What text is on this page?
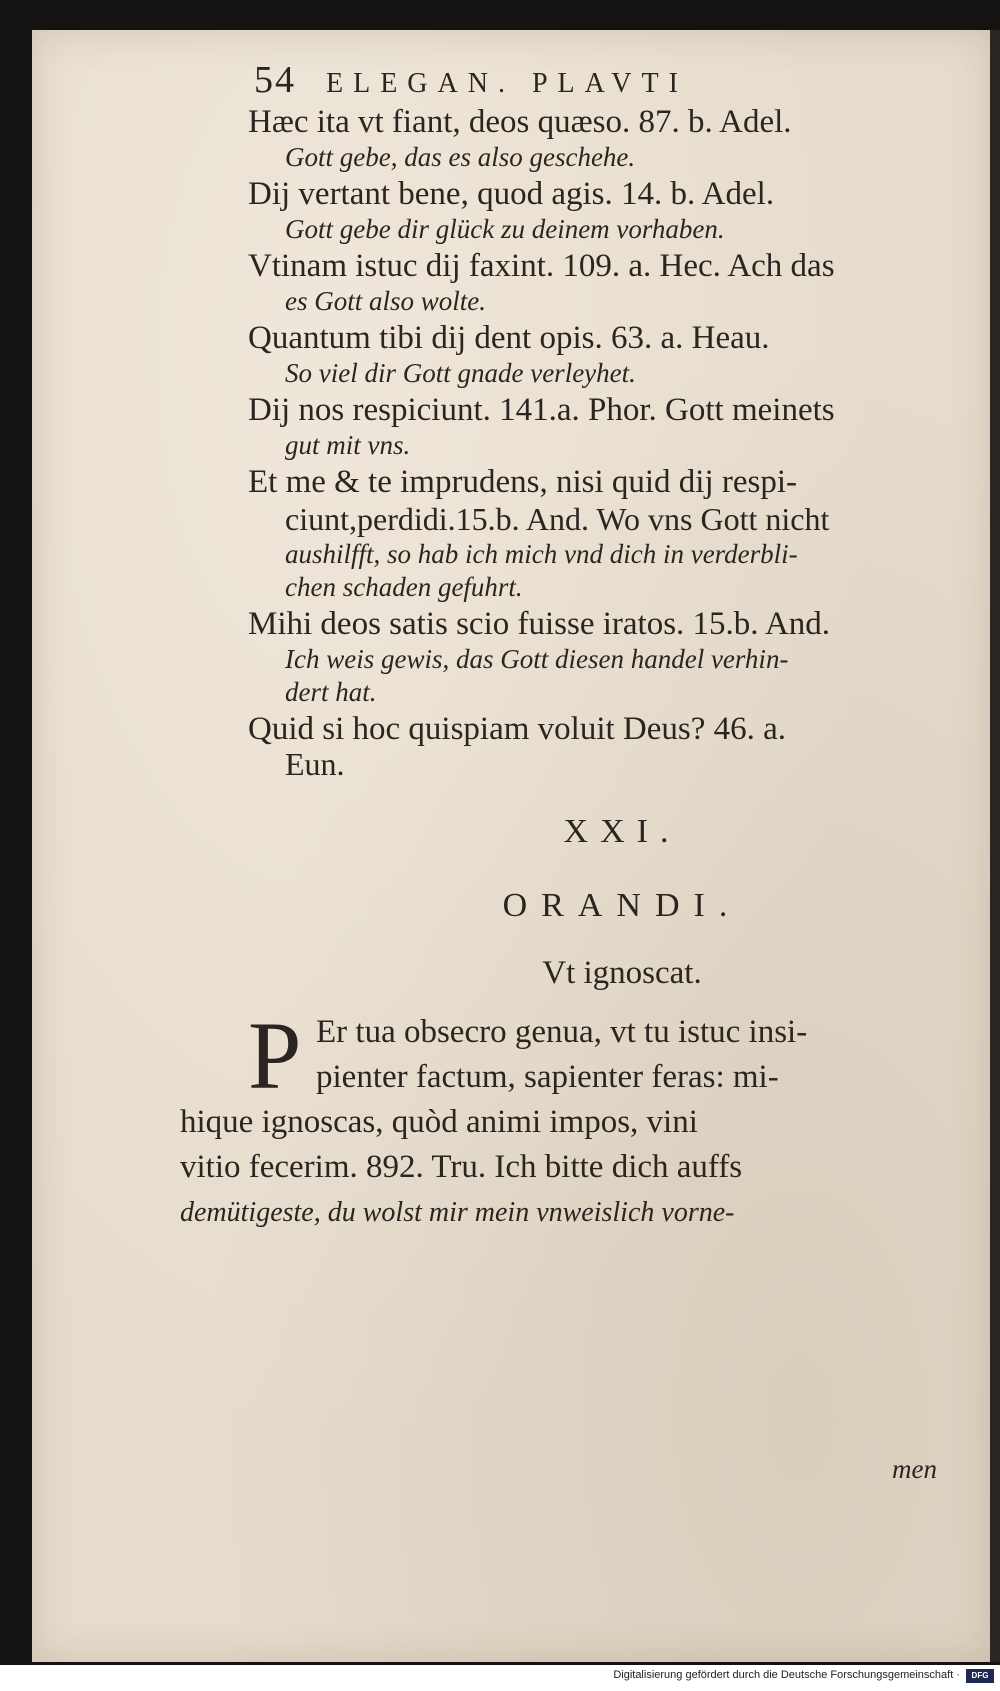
54 ELEGAN. PLAVTI
Hæc ita vt fiant, deos quæso. 87. b. Adel.
Gott gebe, das es also geschehe.
Dij vertant bene, quod agis. 14. b. Adel.
Gott gebe dir glück zu deinem vorhaben.
Vtinam istuc dij faxint. 109. a. Hec. Ach das
es Gott also wolte.
Quantum tibi dij dent opis. 63. a. Heau.
So viel dir Gott gnade verleyhet.
Dij nos respiciunt. 141.a. Phor. Gott meinets
gut mit vns.
Et me & te imprudens, nisi quid dij respi-
ciunt,perdidi.15.b. And. Wo vns Gott nicht
aushilfft, so hab ich mich vnd dich in verderbli-
chen schaden gefuhrt.
Mihi deos satis scio fuisse iratos. 15.b. And.
Ich weis gewis, das Gott diesen handel verhin-
dert hat.
Quid si hoc quispiam voluit Deus? 46. a.
Eun.
XXI.
ORANDI.
Vt ignoscat.
P Er tua obsecro genua, vt tu istuc insi-
pienter factum, sapienter feras: mi-
hique ignoscas, quòd animi impos, vini
vitio fecerim. 892. Tru. Ich bitte dich auffs
demütigeste, du wolst mir mein vnweislich vorne-
men
Digitalisierung gefördert durch die Deutsche Forschungsgemeinschaft ·	DFG
